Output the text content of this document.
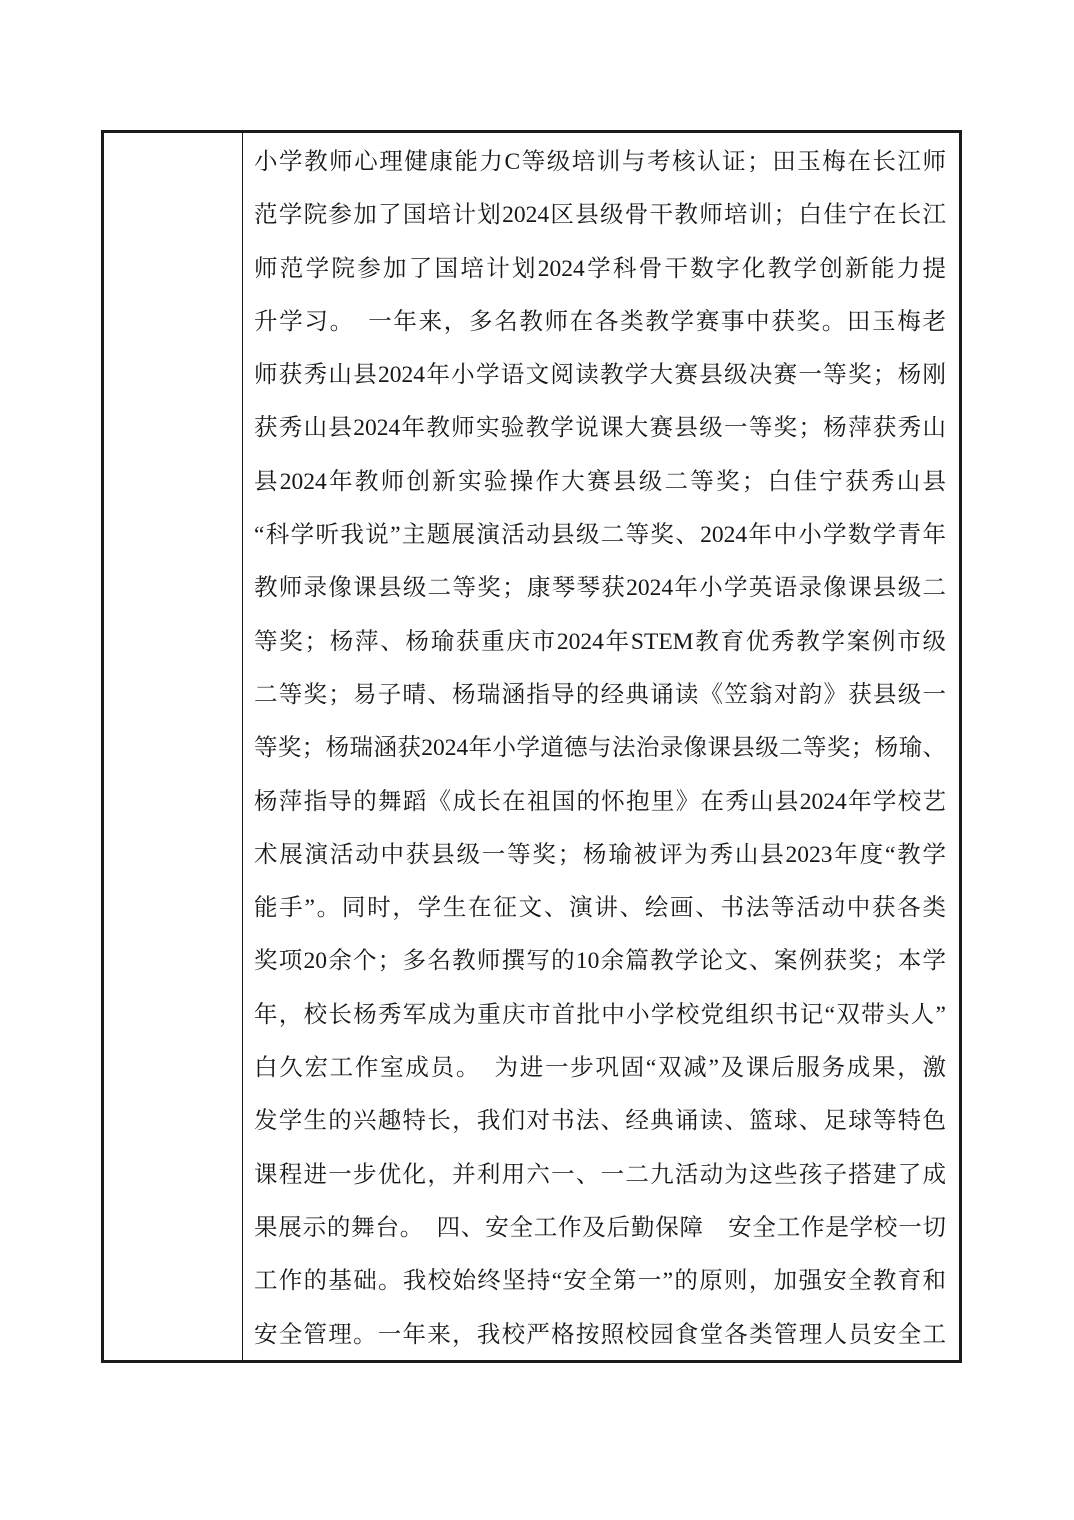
小学教师心理健康能力C等级培训与考核认证；田玉梅在长江师
范学院参加了国培计划2024区县级骨干教师培训；白佳宁在长江
师范学院参加了国培计划2024学科骨干数字化教学创新能力提
升学习。　一年来，多名教师在各类教学赛事中获奖。田玉梅老
师获秀山县2024年小学语文阅读教学大赛县级决赛一等奖；杨刚
获秀山县2024年教师实验教学说课大赛县级一等奖；杨萍获秀山
县2024年教师创新实验操作大赛县级二等奖；白佳宁获秀山县
“科学听我说”主题展演活动县级二等奖、2024年中小学数学青年
教师录像课县级二等奖；康琴琴获2024年小学英语录像课县级二
等奖；杨萍、杨瑜获重庆市2024年STEM教育优秀教学案例市级
二等奖；易子晴、杨瑞涵指导的经典诵读《笠翁对韵》获县级一
等奖；杨瑞涵获2024年小学道德与法治录像课县级二等奖；杨瑜、
杨萍指导的舞蹈《成长在祖国的怀抱里》在秀山县2024年学校艺
术展演活动中获县级一等奖；杨瑜被评为秀山县2023年度“教学
能手”。同时，学生在征文、演讲、绘画、书法等活动中获各类
奖项20余个；多名教师撰写的10余篇教学论文、案例获奖；本学
年，校长杨秀军成为重庆市首批中小学校党组织书记“双带头人”
白久宏工作室成员。　为进一步巩固“双减”及课后服务成果，激
发学生的兴趣特长，我们对书法、经典诵读、篮球、足球等特色
课程进一步优化，并利用六一、一二九活动为这些孩子搭建了成
果展示的舞台。　四、安全工作及后勤保障　安全工作是学校一切
工作的基础。我校始终坚持“安全第一”的原则，加强安全教育和
安全管理。一年来，我校严格按照校园食堂各类管理人员安全工
